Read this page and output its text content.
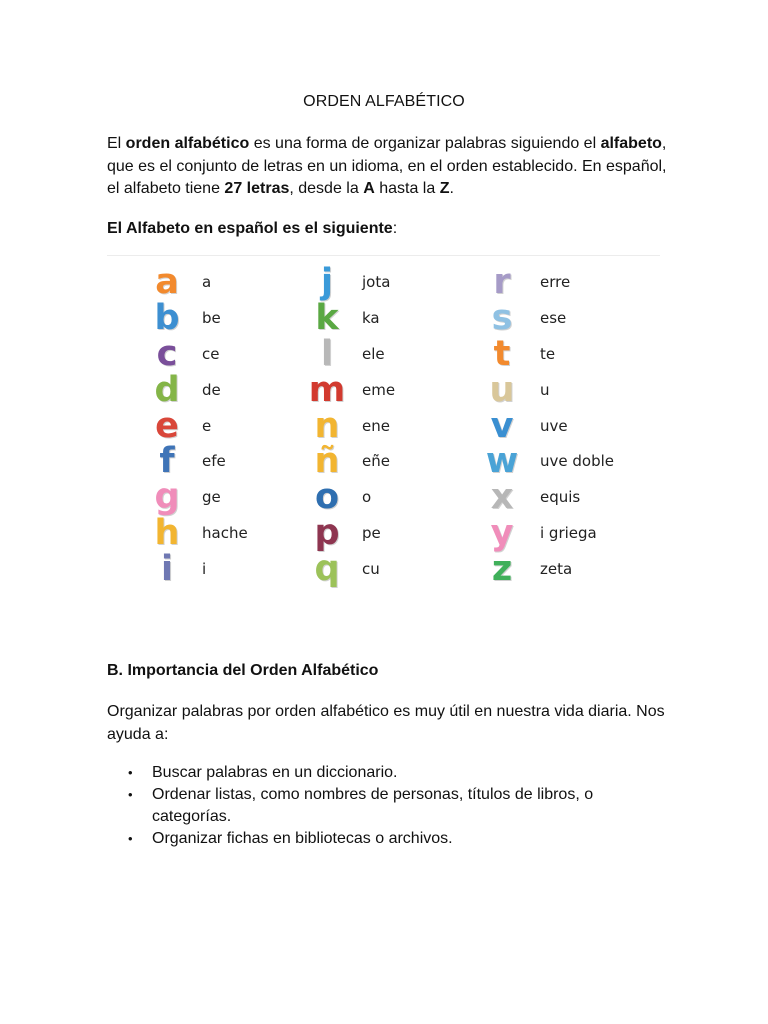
ORDEN ALFABÉTICO

El orden alfabético es una forma de organizar palabras siguiendo el alfabeto, que es el conjunto de letras en un idioma, en el orden establecido. En español, el alfabeto tiene 27 letras, desde la A hasta la Z.

El Alfabeto en español es el siguiente:

a	a
b	be
c	ce
d	de
e	e
f	efe
g	ge
h	hache
i	i
j	jota
k	ka
l	ele
m eme
n	ene
ñ	eñe
o	o
p	pe
q	cu
r	erre
s	ese
t	te
u	u
v	uve
w uve doble
x	equis
y	i griega
z	zeta

B. Importancia del Orden Alfabético

Organizar palabras por orden alfabético es muy útil en nuestra vida diaria. Nos ayuda a:

• Buscar palabras en un diccionario.
• Ordenar listas, como nombres de personas, títulos de libros, o categorías.
• Organizar fichas en bibliotecas o archivos.
